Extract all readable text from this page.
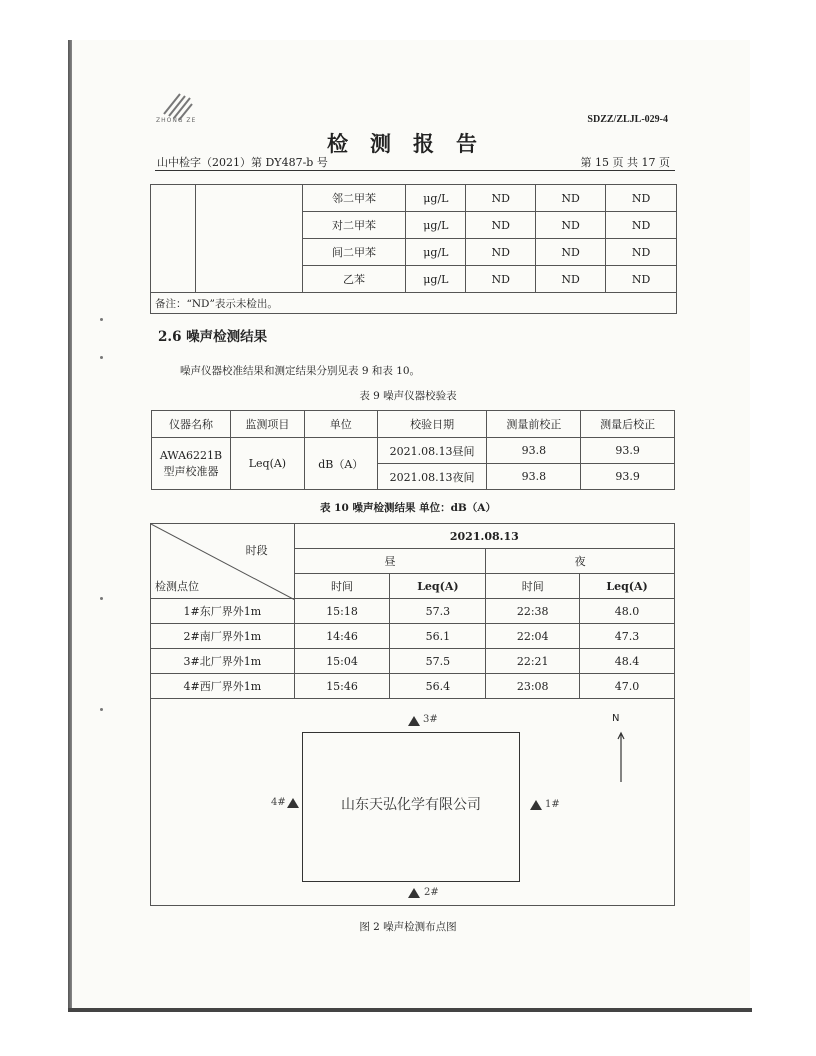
ZHONG ZE	SDZZ/ZLJL-029-4
检测报告
山中检字（2021）第 DY487-b 号	第 15 页 共 17 页
		邻二甲苯	μg/L	ND	ND	ND
		对二甲苯	μg/L	ND	ND	ND
		间二甲苯	μg/L	ND	ND	ND
		乙苯	μg/L	ND	ND	ND
备注：“ND”表示未检出。						
2.6 噪声检测结果
噪声仪器校准结果和测定结果分别见表 9 和表 10。
表 9 噪声仪器校验表
仪器名称	监测项目	单位	校验日期	测量前校正	测量后校正
AWA6221B型声校准器	Leq(A)	dB（A）	2021.08.13昼间	93.8	93.9
			2021.08.13夜间	93.8	93.9
表 10 噪声检测结果 单位：dB（A）
时段
检测点位	2021.08.13			
	昼		夜	
	时间	Leq(A)	时间	Leq(A)
1#东厂界外1m	15:18	57.3	22:38	48.0
2#南厂界外1m	14:46	56.1	22:04	47.3
3#北厂界外1m	15:04	57.5	22:21	48.4
4#西厂界外1m	15:46	56.4	23:08	47.0
山东天弘化学有限公司
3#
2#
4#	1#
N
图 2 噪声检测布点图
